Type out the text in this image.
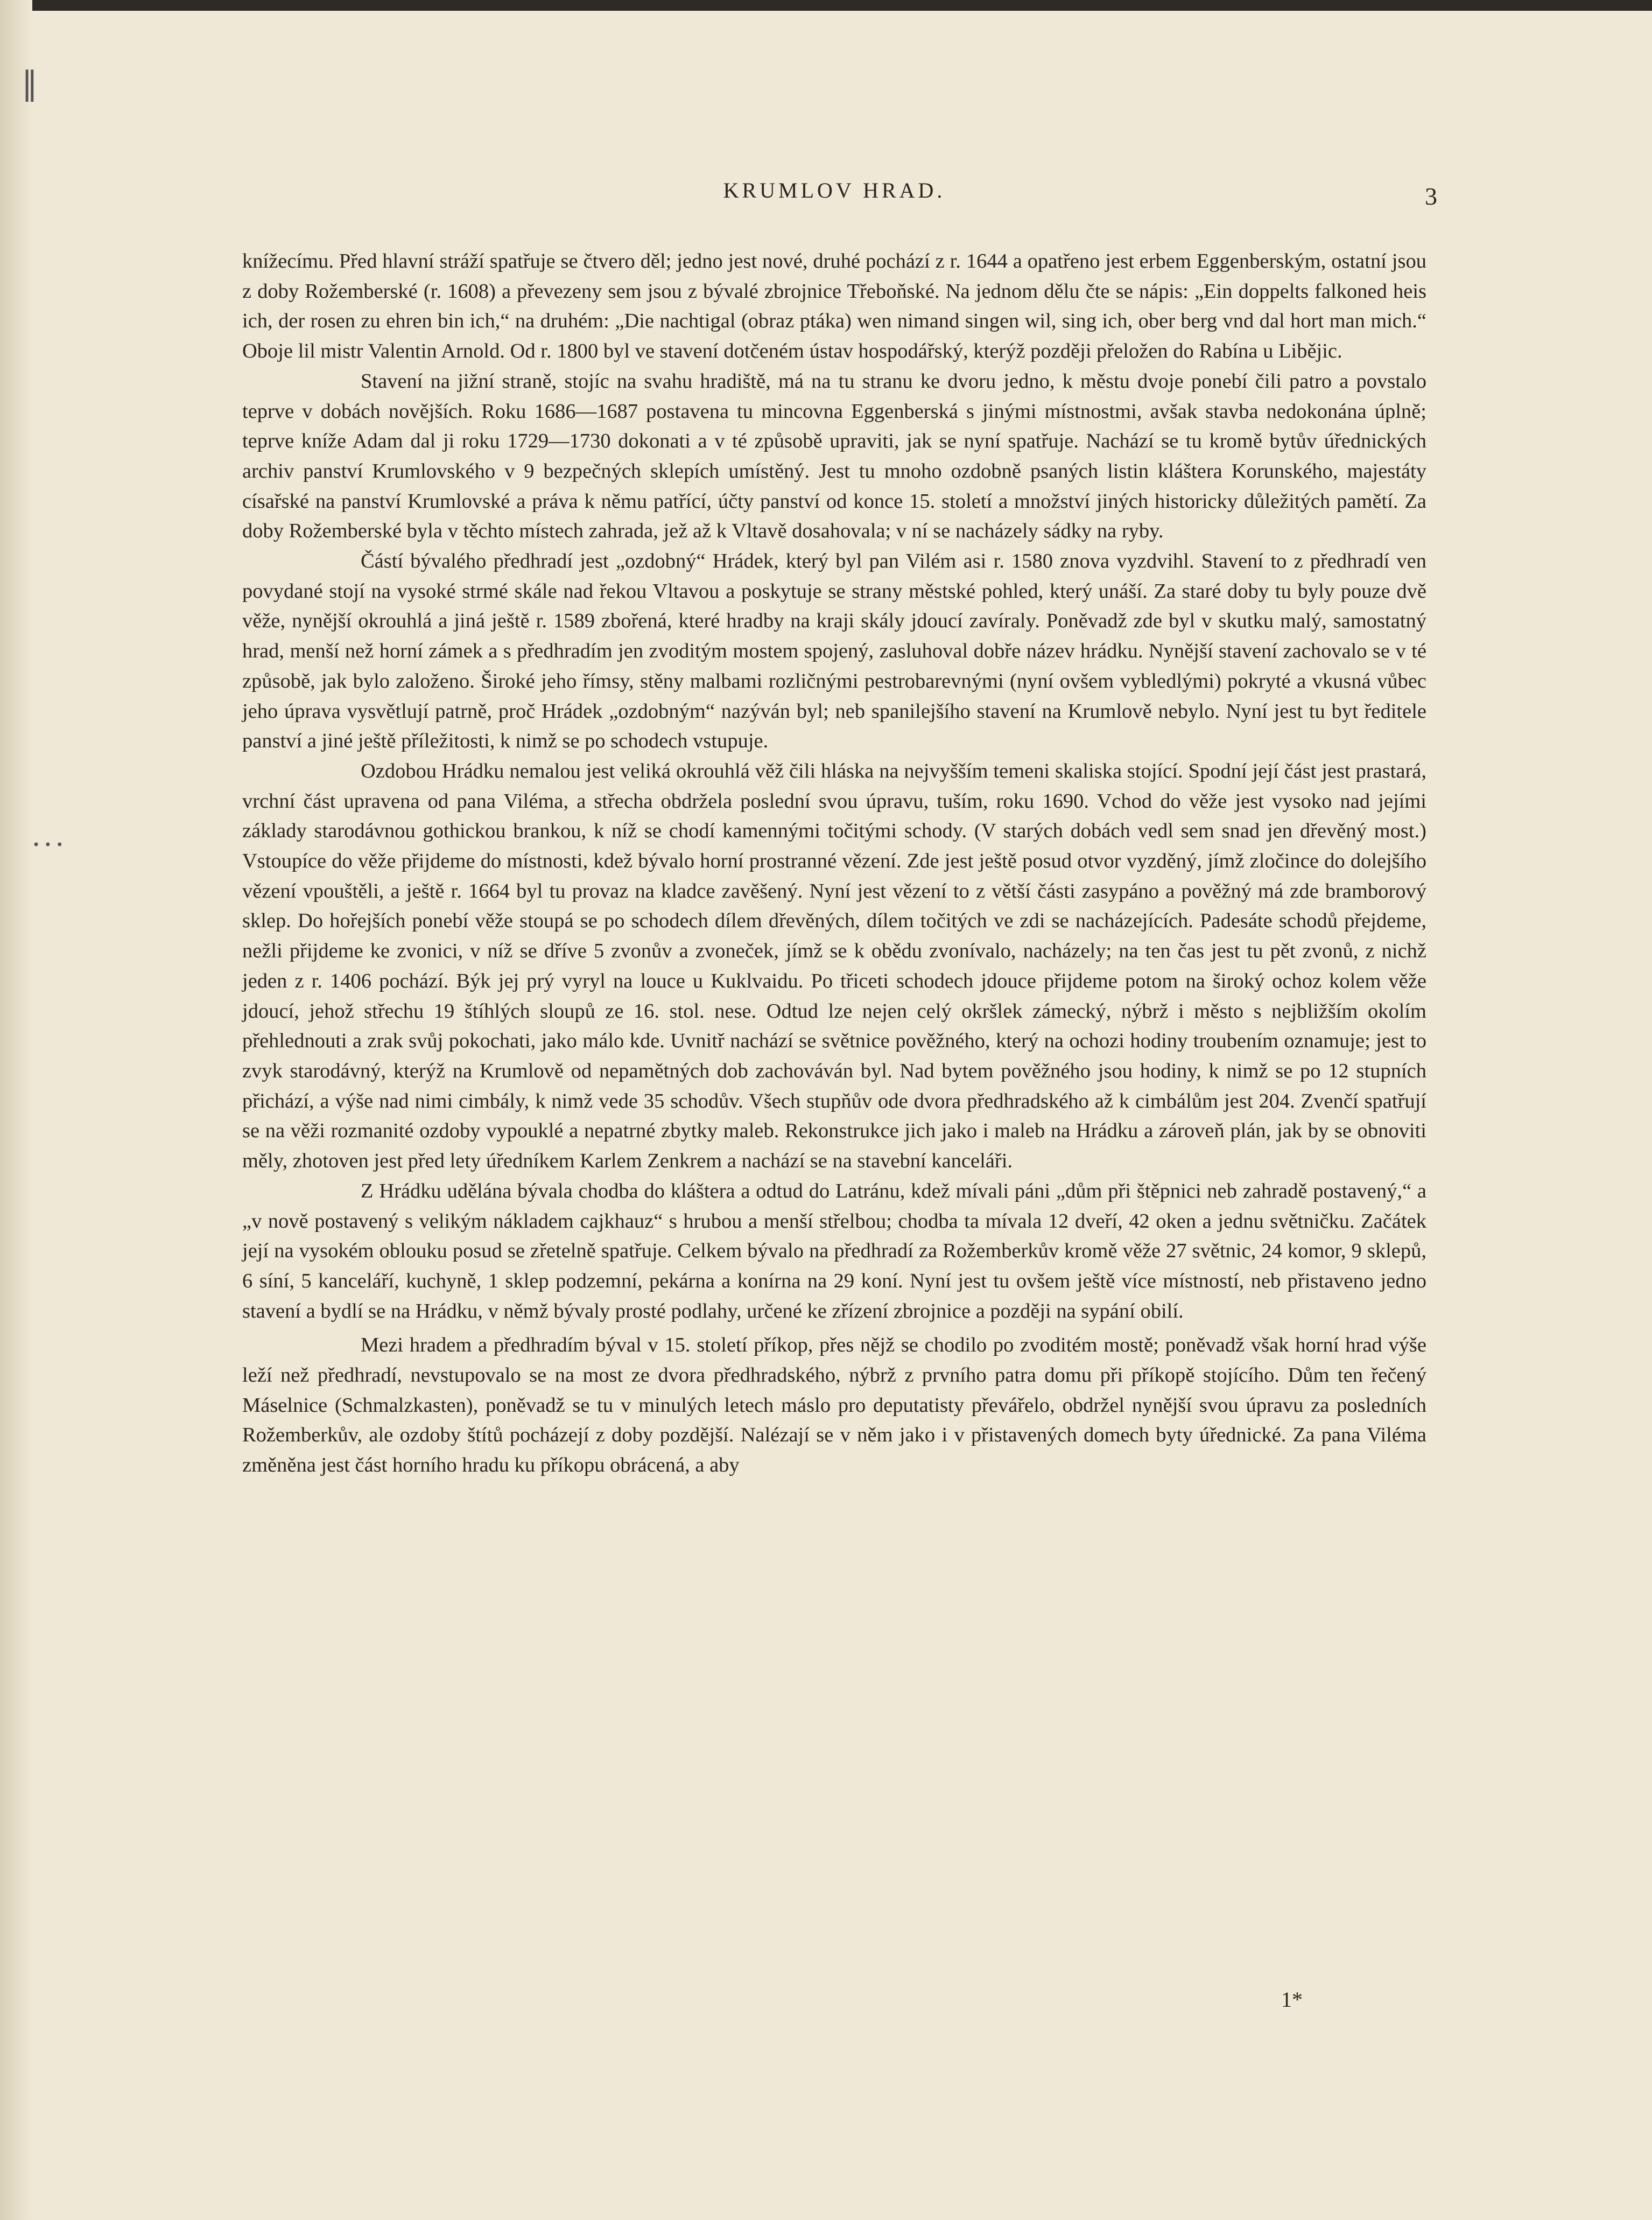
‖
• • •
KRUMLOV HRAD.	3

knížecímu. Před hlavní stráží spatřuje se čtvero děl; jedno jest nové, druhé pochází z r. 1644 a opatřeno jest erbem Eggenberským, ostatní jsou z doby Rožemberské (r. 1608) a převezeny sem jsou z bývalé zbrojnice Třeboňské. Na jednom dělu čte se nápis: „Ein doppelts falkoned heis ich, der rosen zu ehren bin ich,“ na druhém: „Die nachtigal (obraz ptáka) wen nimand singen wil, sing ich, ober berg vnd dal hort man mich.“ Oboje lil mistr Valentin Arnold. Od r. 1800 byl ve stavení dotčeném ústav hospodářský, kterýž později přeložen do Rabína u Libějic.

Stavení na jižní straně, stojíc na svahu hradiště, má na tu stranu ke dvoru jedno, k městu dvoje ponebí čili patro a povstalo teprve v dobách novějších. Roku 1686—1687 postavena tu mincovna Eggenberská s jinými místnostmi, avšak stavba nedokonána úplně; teprve kníže Adam dal ji roku 1729—1730 dokonati a v té způsobě upraviti, jak se nyní spatřuje. Nachází se tu kromě bytův úřednických archiv panství Krumlovského v 9 bezpečných sklepích umístěný. Jest tu mnoho ozdobně psaných listin kláštera Korunského, majestáty císařské na panství Krumlovské a práva k němu patřící, účty panství od konce 15. století a množství jiných historicky důležitých pamětí. Za doby Rožemberské byla v těchto místech zahrada, jež až k Vltavě dosahovala; v ní se nacházely sádky na ryby.

Částí bývalého předhradí jest „ozdobný“ Hrádek, který byl pan Vilém asi r. 1580 znova vyzdvihl. Stavení to z předhradí ven povydané stojí na vysoké strmé skále nad řekou Vltavou a poskytuje se strany městské pohled, který unáší. Za staré doby tu byly pouze dvě věže, nynější okrouhlá a jiná ještě r. 1589 zbořená, které hradby na kraji skály jdoucí zavíraly. Poněvadž zde byl v skutku malý, samostatný hrad, menší než horní zámek a s předhradím jen zvoditým mostem spojený, zasluhoval dobře název hrádku. Nynější stavení zachovalo se v té způsobě, jak bylo založeno. Široké jeho římsy, stěny malbami rozličnými pestrobarevnými (nyní ovšem vybledlými) pokryté a vkusná vůbec jeho úprava vysvětlují patrně, proč Hrádek „ozdobným“ nazýván byl; neb spanilejšího stavení na Krumlově nebylo. Nyní jest tu byt ředitele panství a jiné ještě příležitosti, k nimž se po schodech vstupuje.

Ozdobou Hrádku nemalou jest veliká okrouhlá věž čili hláska na nejvyšším temeni skaliska stojící. Spodní její část jest prastará, vrchní část upravena od pana Viléma, a střecha obdržela poslední svou úpravu, tuším, roku 1690. Vchod do věže jest vysoko nad jejími základy starodávnou gothickou brankou, k níž se chodí kamennými točitými schody. (V starých dobách vedl sem snad jen dřevěný most.) Vstoupíce do věže přijdeme do místnosti, kdež bývalo horní prostranné vězení. Zde jest ještě posud otvor vyzděný, jímž zločince do dolejšího vězení vpouštěli, a ještě r. 1664 byl tu provaz na kladce zavěšený. Nyní jest vězení to z větší části zasypáno a pověžný má zde bramborový sklep. Do hořejších ponebí věže stoupá se po schodech dílem dřevěných, dílem točitých ve zdi se nacházejících. Padesáte schodů přejdeme, nežli přijdeme ke zvonici, v níž se dříve 5 zvonův a zvoneček, jímž se k obědu zvonívalo, nacházely; na ten čas jest tu pět zvonů, z nichž jeden z r. 1406 pochází. Býk jej prý vyryl na louce u Kuklvaidu. Po třiceti schodech jdouce přijdeme potom na široký ochoz kolem věže jdoucí, jehož střechu 19 štíhlých sloupů ze 16. stol. nese. Odtud lze nejen celý okršlek zámecký, nýbrž i město s nejbližším okolím přehlednouti a zrak svůj pokochati, jako málo kde. Uvnitř nachází se světnice pověžného, který na ochozi hodiny troubením oznamuje; jest to zvyk starodávný, kterýž na Krumlově od nepamětných dob zachováván byl. Nad bytem pověžného jsou hodiny, k nimž se po 12 stupních přichází, a výše nad nimi cimbály, k nimž vede 35 schodův. Všech stupňův ode dvora předhradského až k cimbálům jest 204. Zvenčí spatřují se na věži rozmanité ozdoby vypouklé a nepatrné zbytky maleb. Rekonstrukce jich jako i maleb na Hrádku a zároveň plán, jak by se obnoviti měly, zhotoven jest před lety úředníkem Karlem Zenkrem a nachází se na stavební kanceláři.

Z Hrádku udělána bývala chodba do kláštera a odtud do Latránu, kdež mívali páni „dům při štěpnici neb zahradě postavený,“ a „v nově postavený s velikým nákladem cajkhauz“ s hrubou a menší střelbou; chodba ta mívala 12 dveří, 42 oken a jednu světničku. Začátek její na vysokém oblouku posud se zřetelně spatřuje. Celkem bývalo na předhradí za Rožemberkův kromě věže 27 světnic, 24 komor, 9 sklepů, 6 síní, 5 kanceláří, kuchyně, 1 sklep podzemní, pekárna a konírna na 29 koní. Nyní jest tu ovšem ještě více místností, neb přistaveno jedno stavení a bydlí se na Hrádku, v němž bývaly prosté podlahy, určené ke zřízení zbrojnice a později na sypání obilí.

Mezi hradem a předhradím býval v 15. století příkop, přes nějž se chodilo po zvoditém mostě; poněvadž však horní hrad výše leží než předhradí, nevstupovalo se na most ze dvora předhradského, nýbrž z prvního patra domu při příkopě stojícího. Dům ten řečený Máselnice (Schmalzkasten), poněvadž se tu v minulých letech máslo pro deputatisty převářelo, obdržel nynější svou úpravu za posledních Rožemberkův, ale ozdoby štítů pocházejí z doby pozdější. Nalézají se v něm jako i v přistavených domech byty úřednické. Za pana Viléma změněna jest část horního hradu ku příkopu obrácená, a aby

1*
